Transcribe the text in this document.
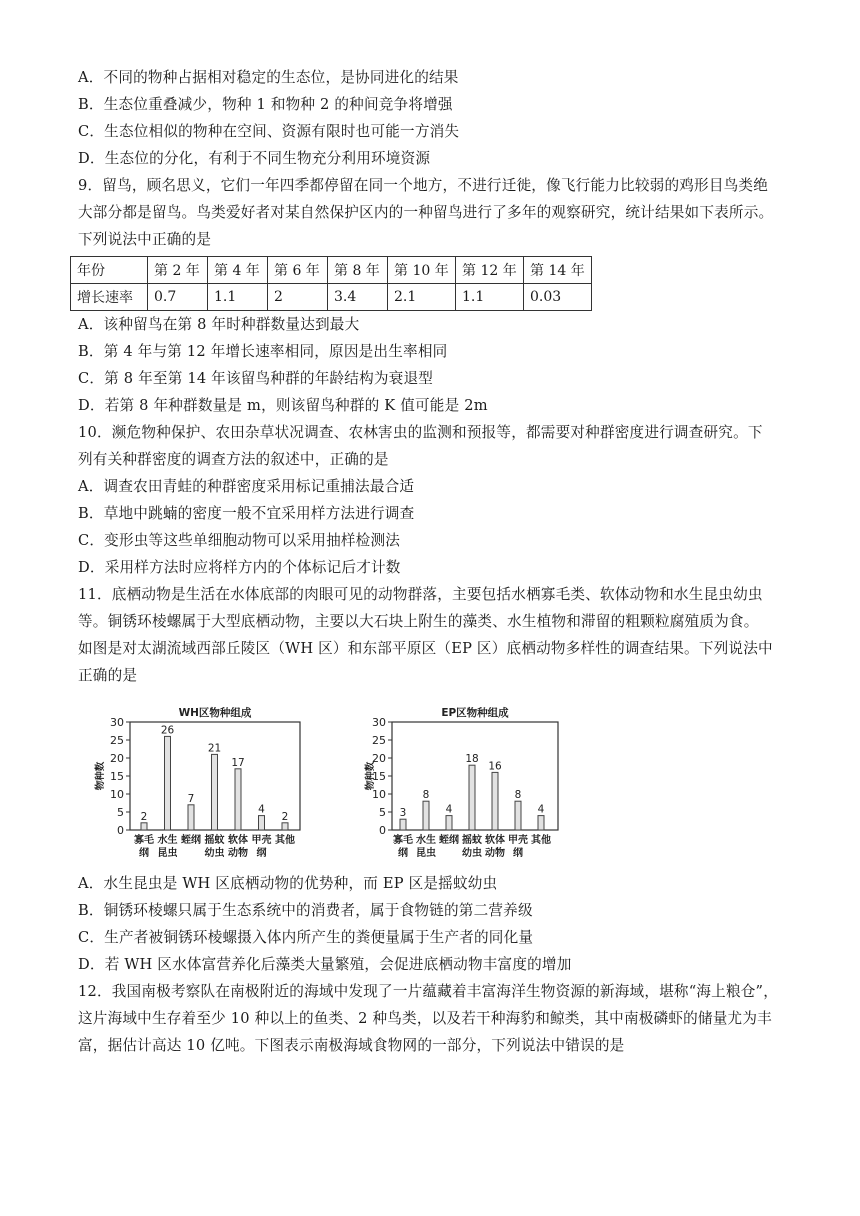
A．不同的物种占据相对稳定的生态位，是协同进化的结果
B．生态位重叠减少，物种 1 和物种 2 的种间竞争将增强
C．生态位相似的物种在空间、资源有限时也可能一方消失
D．生态位的分化，有利于不同生物充分利用环境资源
9．留鸟，顾名思义，它们一年四季都停留在同一个地方，不进行迁徙，像飞行能力比较弱的鸡形目鸟类绝
大部分都是留鸟。鸟类爱好者对某自然保护区内的一种留鸟进行了多年的观察研究，统计结果如下表所示。
下列说法中正确的是
年份	第 2 年	第 4 年	第 6 年	第 8 年	第 10 年	第 12 年	第 14 年
增长速率	0.7	1.1	2	3.4	2.1	1.1	0.03
A．该种留鸟在第 8 年时种群数量达到最大
B．第 4 年与第 12 年增长速率相同，原因是出生率相同
C．第 8 年至第 14 年该留鸟种群的年龄结构为衰退型
D．若第 8 年种群数量是 m，则该留鸟种群的 K 值可能是 2m
10．濒危物种保护、农田杂草状况调查、农林害虫的监测和预报等，都需要对种群密度进行调查研究。下
列有关种群密度的调查方法的叙述中，正确的是
A．调查农田青蛙的种群密度采用标记重捕法最合适
B．草地中跳蝻的密度一般不宜采用样方法进行调查
C．变形虫等这些单细胞动物可以采用抽样检测法
D．采用样方法时应将样方内的个体标记后才计数
11．底栖动物是生活在水体底部的肉眼可见的动物群落，主要包括水栖寡毛类、软体动物和水生昆虫幼虫
等。铜锈环棱螺属于大型底栖动物，主要以大石块上附生的藻类、水生植物和滞留的粗颗粒腐殖质为食。
如图是对太湖流域西部丘陵区（WH 区）和东部平原区（EP 区）底栖动物多样性的调查结果。下列说法中
正确的是
WH区物种组成
0
5
10
15
20
25
30
物种数
2
寡毛
纲
26
水生
昆虫
7
蛭纲
21
摇蚊
幼虫
17
软体
动物
4
甲壳
纲
2
其他
EP区物种组成
0
5
10
15
20
25
30
物种数
3
寡毛
纲
8
水生
昆虫
4
蛭纲
18
摇蚊
幼虫
16
软体
动物
8
甲壳
纲
4
其他
A．水生昆虫是 WH 区底栖动物的优势种，而 EP 区是摇蚊幼虫
B．铜锈环棱螺只属于生态系统中的消费者，属于食物链的第二营养级
C．生产者被铜锈环棱螺摄入体内所产生的粪便量属于生产者的同化量
D．若 WH 区水体富营养化后藻类大量繁殖，会促进底栖动物丰富度的增加
12．我国南极考察队在南极附近的海域中发现了一片蕴藏着丰富海洋生物资源的新海域，堪称“海上粮仓”，
这片海域中生存着至少 10 种以上的鱼类、2 种鸟类，以及若干种海豹和鲸类，其中南极磷虾的储量尤为丰
富，据估计高达 10 亿吨。下图表示南极海域食物网的一部分，下列说法中错误的是
